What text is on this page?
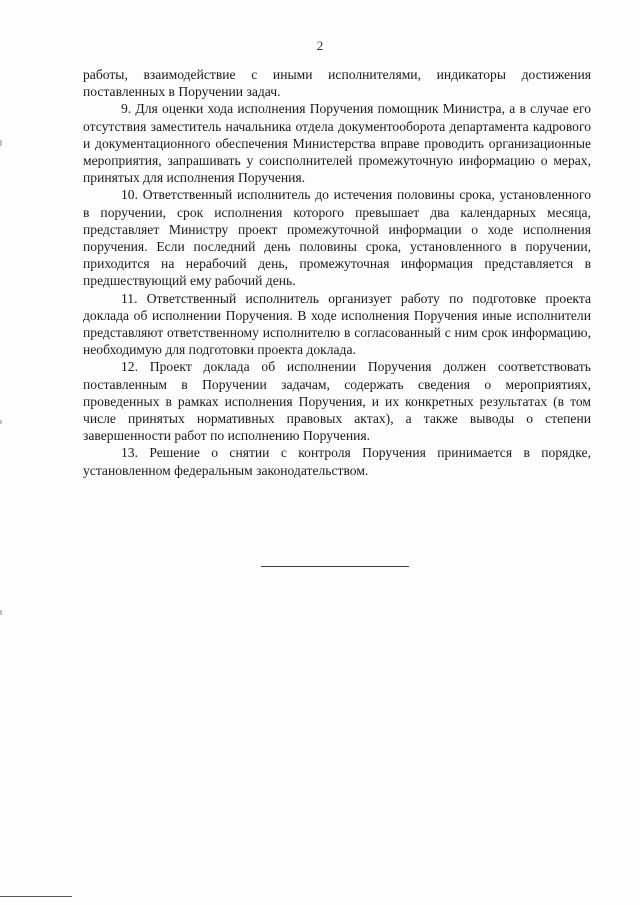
2

работы, взаимодействие с иными исполнителями, индикаторы достижения поставленных в Поручении задач.

9. Для оценки хода исполнения Поручения помощник Министра, а в случае его отсутствия заместитель начальника отдела документооборота департамента кадрового и документационного обеспечения Министерства вправе проводить организационные мероприятия, запрашивать у соисполнителей промежуточную информацию о мерах, принятых для исполнения Поручения.

10. Ответственный исполнитель до истечения половины срока, установленного в поручении, срок исполнения которого превышает два календарных месяца, представляет Министру проект промежуточной информации о ходе исполнения поручения. Если последний день половины срока, установленного в поручении, приходится на нерабочий день, промежуточная информация представляется в предшествующий ему рабочий день.

11. Ответственный исполнитель организует работу по подготовке проекта доклада об исполнении Поручения. В ходе исполнения Поручения иные исполнители представляют ответственному исполнителю в согласованный с ним срок информацию, необходимую для подготовки проекта доклада.

12. Проект доклада об исполнении Поручения должен соответствовать поставленным в Поручении задачам, содержать сведения о мероприятиях, проведенных в рамках исполнения Поручения, и их конкретных результатах (в том числе принятых нормативных правовых актах), а также выводы о степени завершенности работ по исполнению Поручения.

13. Решение о снятии с контроля Поручения принимается в порядке, установленном федеральным законодательством.
